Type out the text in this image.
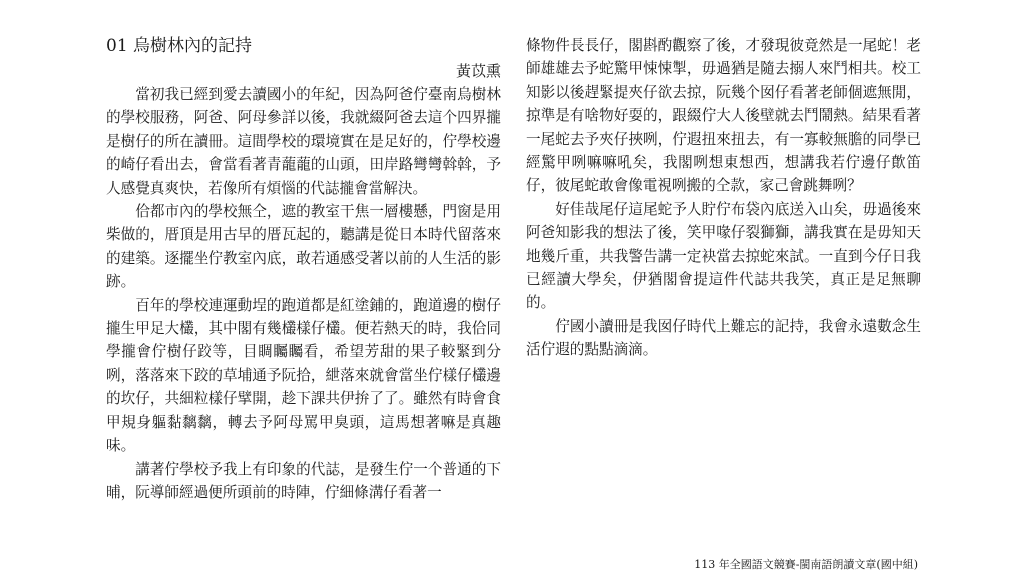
01 烏樹林內的記持
黃苡熏

當初我已經到愛去讀國小的年紀，因為阿爸佇臺南烏樹林的學校服務，阿爸、阿母參詳以後，我就綴阿爸去這个四界攏是樹仔的所在讀冊。這間學校的環境實在是足好的，佇學校邊的崎仔看出去，會當看著青蘢蘢的山頭，田岸路彎彎斡斡，予人感覺真爽快，若像所有煩惱的代誌攏會當解決。

佮都市內的學校無仝，遮的教室干焦一層樓懸，門窗是用柴做的，厝頂是用古早的厝瓦起的，聽講是從日本時代留落來的建築。逐擺坐佇教室內底，敢若通感受著以前的人生活的影跡。

百年的學校連運動埕的跑道都是紅塗鋪的，跑道邊的樹仔攏生甲足大欉，其中閣有幾欉樣仔欉。便若熱天的時，我佮同學攏會佇樹仔跤等，目睭矚矚看，希望芳甜的果子較緊到分咧，落落來下跤的草埔通予阮拾，紲落來就會當坐佇樣仔欉邊的坎仔，共細粒樣仔擘開，趁下課共伊拚了了。雖然有時會食甲規身軀黏黐黐，轉去予阿母罵甲臭頭，這馬想著嘛是真趣味。

講著佇學校予我上有印象的代誌，是發生佇一个普通的下晡，阮導師經過便所頭前的時陣，佇細條溝仔看著一

條物件長長仔，閣斟酌觀察了後，才發現彼竟然是一尾蛇！老師雄雄去予蛇驚甲悚悚掣，毋過猶是隨去搦人來鬥相共。校工知影以後趕緊提夾仔欲去掠，阮幾个囡仔看著老師個遮無閒，掠準是有啥物好耍的，跟綴佇大人後壁就去鬥鬧熱。結果看著一尾蛇去予夾仔挾咧，佇遐扭來扭去，有一寡較無膽的同學已經驚甲咧嘛嘛吼矣，我閣咧想東想西，想講我若佇邊仔歕笛仔，彼尾蛇敢會像電視咧搬的仝款，家己會跳舞咧？

好佳哉尾仔這尾蛇予人貯佇布袋內底送入山矣，毋過後來阿爸知影我的想法了後，笑甲喙仔裂獅獅，講我實在是毋知天地幾斤重，共我警告講一定袂當去掠蛇來試。一直到今仔日我已經讀大學矣，伊猶閣會提這件代誌共我笑，真正是足無聊的。

佇國小讀冊是我囡仔時代上難忘的記持，我會永遠數念生活佇遐的點點滴滴。

113 年全國語文競賽-閩南語朗讀文章(國中組)
